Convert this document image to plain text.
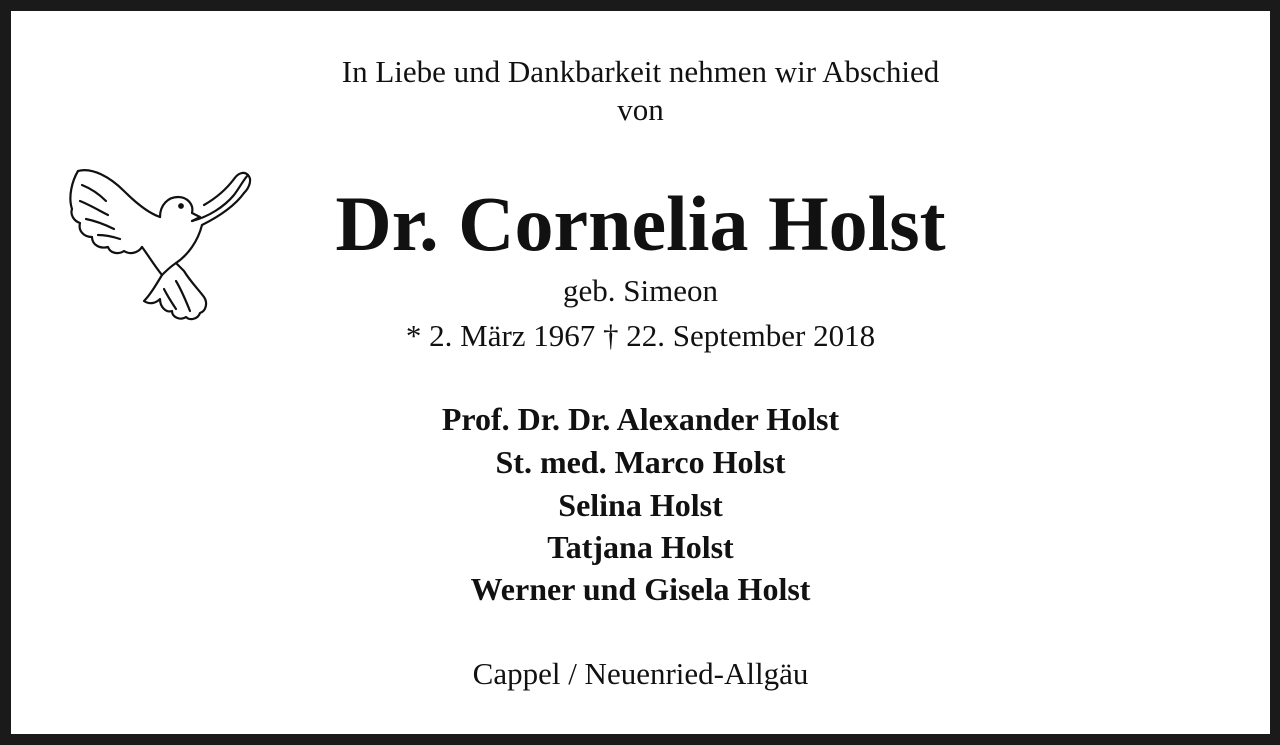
In Liebe und Dankbarkeit nehmen wir Abschied
von
Dr. Cornelia Holst
geb. Simeon
* 2. März 1967 † 22. September 2018
Prof. Dr. Dr. Alexander Holst
St. med. Marco Holst
Selina Holst
Tatjana Holst
Werner und Gisela Holst
Cappel / Neuenried-Allgäu
